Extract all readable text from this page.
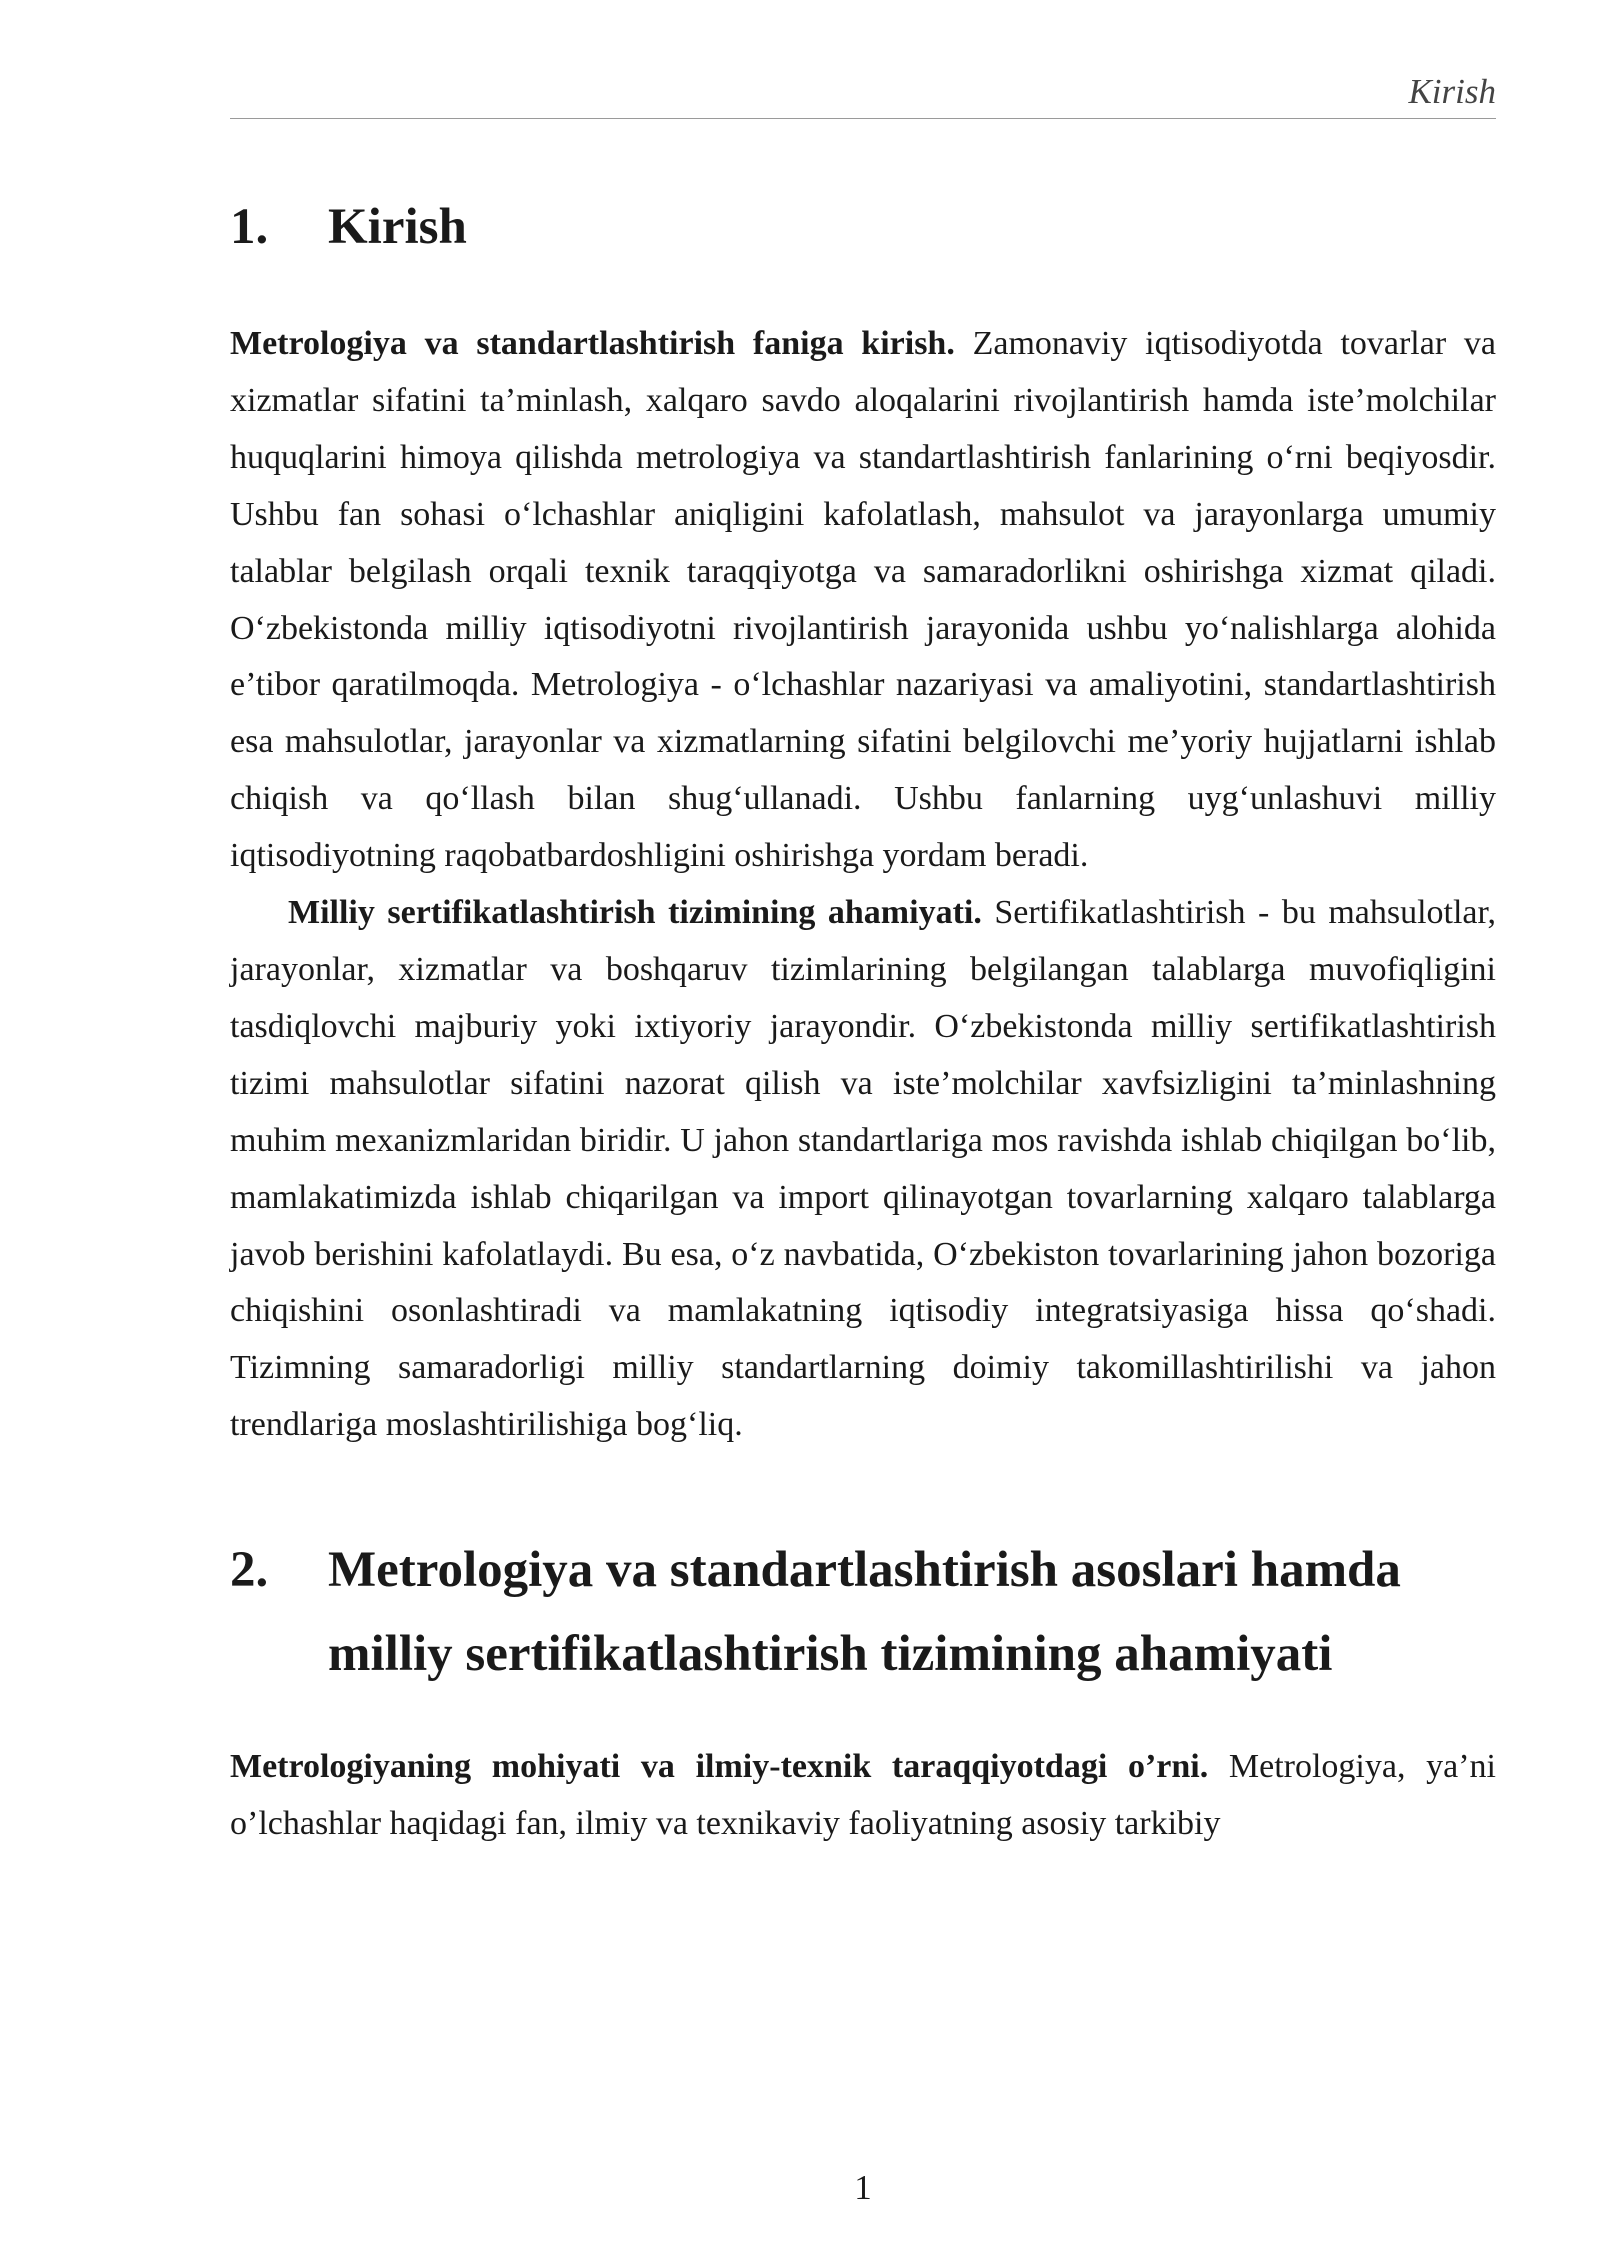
Kirish
1.	Kirish

Metrologiya va standartlashtirish faniga kirish. Zamonaviy iqtisodiyotda tovarlar va xizmatlar sifatini ta’minlash, xalqaro savdo aloqalarini rivojlantirish hamda iste’molchilar huquqlarini himoya qilishda metrologiya va standartlashtirish fanlarining o‘rni beqiyosdir. Ushbu fan sohasi o‘lchashlar aniqligini kafolatlash, mahsulot va jarayonlarga umumiy talablar belgilash orqali texnik taraqqiyotga va samaradorlikni oshirishga xizmat qiladi. O‘zbekistonda milliy iqtisodiyotni rivojlantirish jarayonida ushbu yo‘nalishlarga alohida e’tibor qaratilmoqda. Metrologiya - o‘lchashlar nazariyasi va amaliyotini, standartlashtirish esa mahsulotlar, jarayonlar va xizmatlarning sifatini belgilovchi me’yoriy hujjatlarni ishlab chiqish va qo‘llash bilan shug‘ullanadi. Ushbu fanlarning uyg‘unlashuvi milliy iqtisodiyotning raqobatbardoshligini oshirishga yordam beradi.

Milliy sertifikatlashtirish tizimining ahamiyati. Sertifikatlashtirish - bu mahsulotlar, jarayonlar, xizmatlar va boshqaruv tizimlarining belgilangan talablarga muvofiqligini tasdiqlovchi majburiy yoki ixtiyoriy jarayondir. O‘zbekistonda milliy sertifikatlashtirish tizimi mahsulotlar sifatini nazorat qilish va iste’molchilar xavfsizligini ta’minlashning muhim mexanizmlaridan biridir. U jahon standartlariga mos ravishda ishlab chiqilgan bo‘lib, mamlakatimizda ishlab chiqarilgan va import qilinayotgan tovarlarning xalqaro talablarga javob berishini kafolatlaydi. Bu esa, o‘z navbatida, O‘zbekiston tovarlarining jahon bozoriga chiqishini osonlashtiradi va mamlakatning iqtisodiy integratsiyasiga hissa qo‘shadi. Tizimning samaradorligi milliy standartlarning doimiy takomillashtirilishi va jahon trendlariga moslashtirilishiga bog‘liq.

2.	Metrologiya va standartlashtirish asoslari hamda milliy sertifikatlashtirish tizimining ahamiyati

Metrologiyaning mohiyati va ilmiy-texnik taraqqiyotdagi o’rni. Metrologiya, ya’ni o’lchashlar haqidagi fan, ilmiy va texnikaviy faoliyatning asosiy tarkibiy

1
